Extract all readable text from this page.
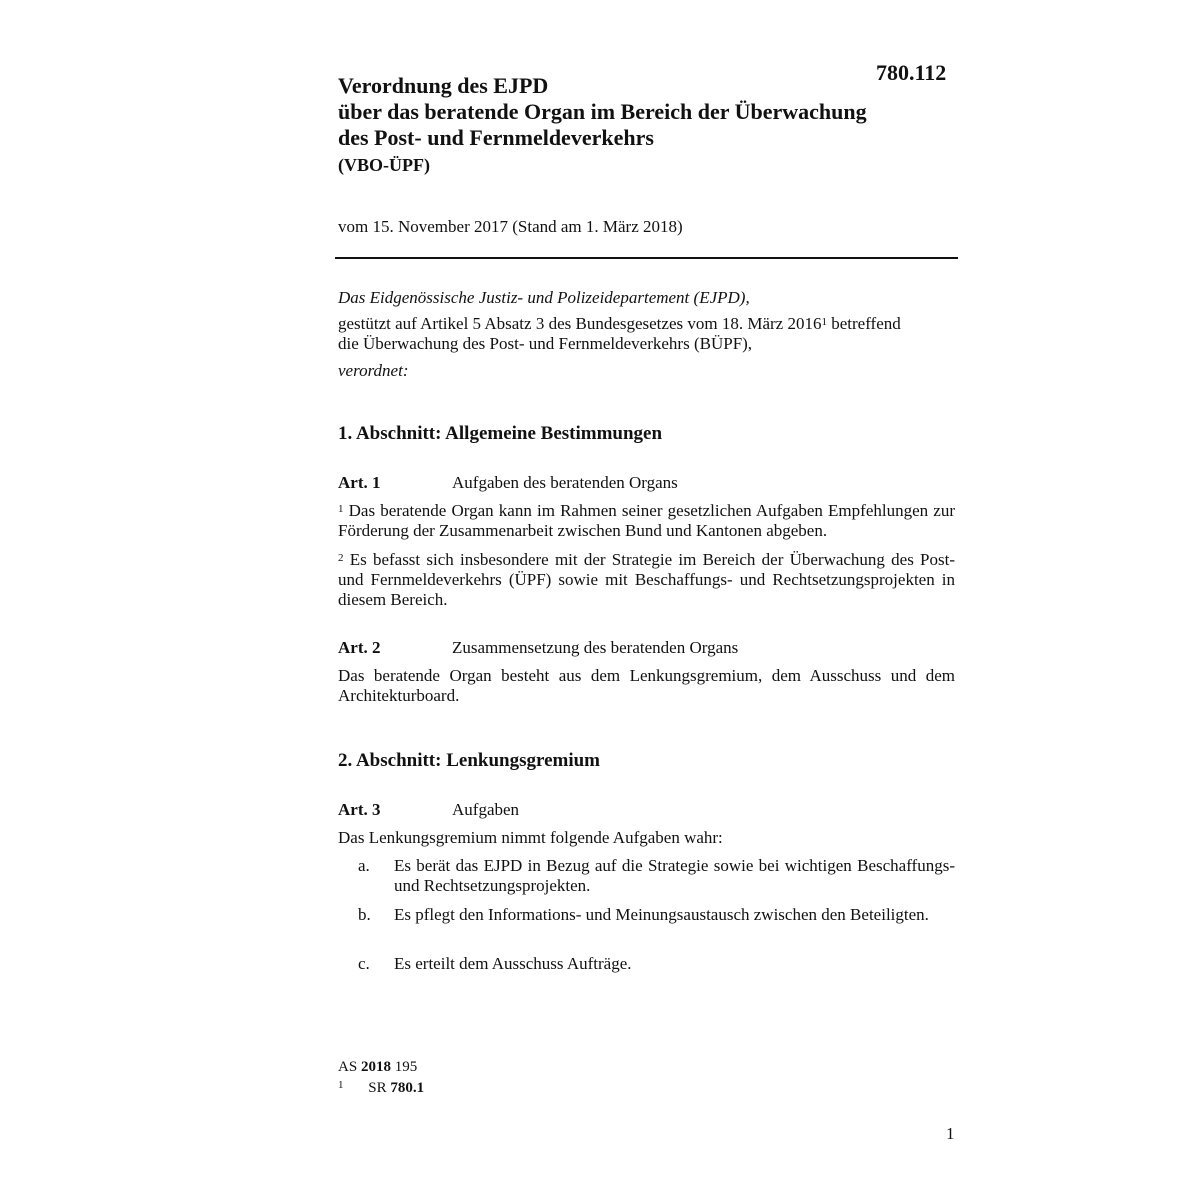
780.112
Verordnung des EJPD
über das beratende Organ im Bereich der Überwachung
des Post- und Fernmeldeverkehrs
(VBO-ÜPF)
vom 15. November 2017 (Stand am 1. März 2018)
Das Eidgenössische Justiz- und Polizeidepartement (EJPD),
gestützt auf Artikel 5 Absatz 3 des Bundesgesetzes vom 18. März 2016$^1$ betreffend
die Überwachung des Post- und Fernmeldeverkehrs (BÜPF),
verordnet:
1. Abschnitt: Allgemeine Bestimmungen
Art. 1	Aufgaben des beratenden Organs
$^1$ Das beratende Organ kann im Rahmen seiner gesetzlichen Aufgaben Empfehlungen zur Förderung der Zusammenarbeit zwischen Bund und Kantonen abgeben.
$^2$ Es befasst sich insbesondere mit der Strategie im Bereich der Überwachung des Post- und Fernmeldeverkehrs (ÜPF) sowie mit Beschaffungs- und Rechtsetzungsprojekten in diesem Bereich.
Art. 2	Zusammensetzung des beratenden Organs
Das beratende Organ besteht aus dem Lenkungsgremium, dem Ausschuss und dem Architekturboard.
2. Abschnitt: Lenkungsgremium
Art. 3	Aufgaben
Das Lenkungsgremium nimmt folgende Aufgaben wahr:
a. Es berät das EJPD in Bezug auf die Strategie sowie bei wichtigen Beschaffungs- und Rechtsetzungsprojekten.
b. Es pflegt den Informations- und Meinungsaustausch zwischen den Beteiligten.
c. Es erteilt dem Ausschuss Aufträge.
AS 2018 195
$^1$ SR 780.1
1
